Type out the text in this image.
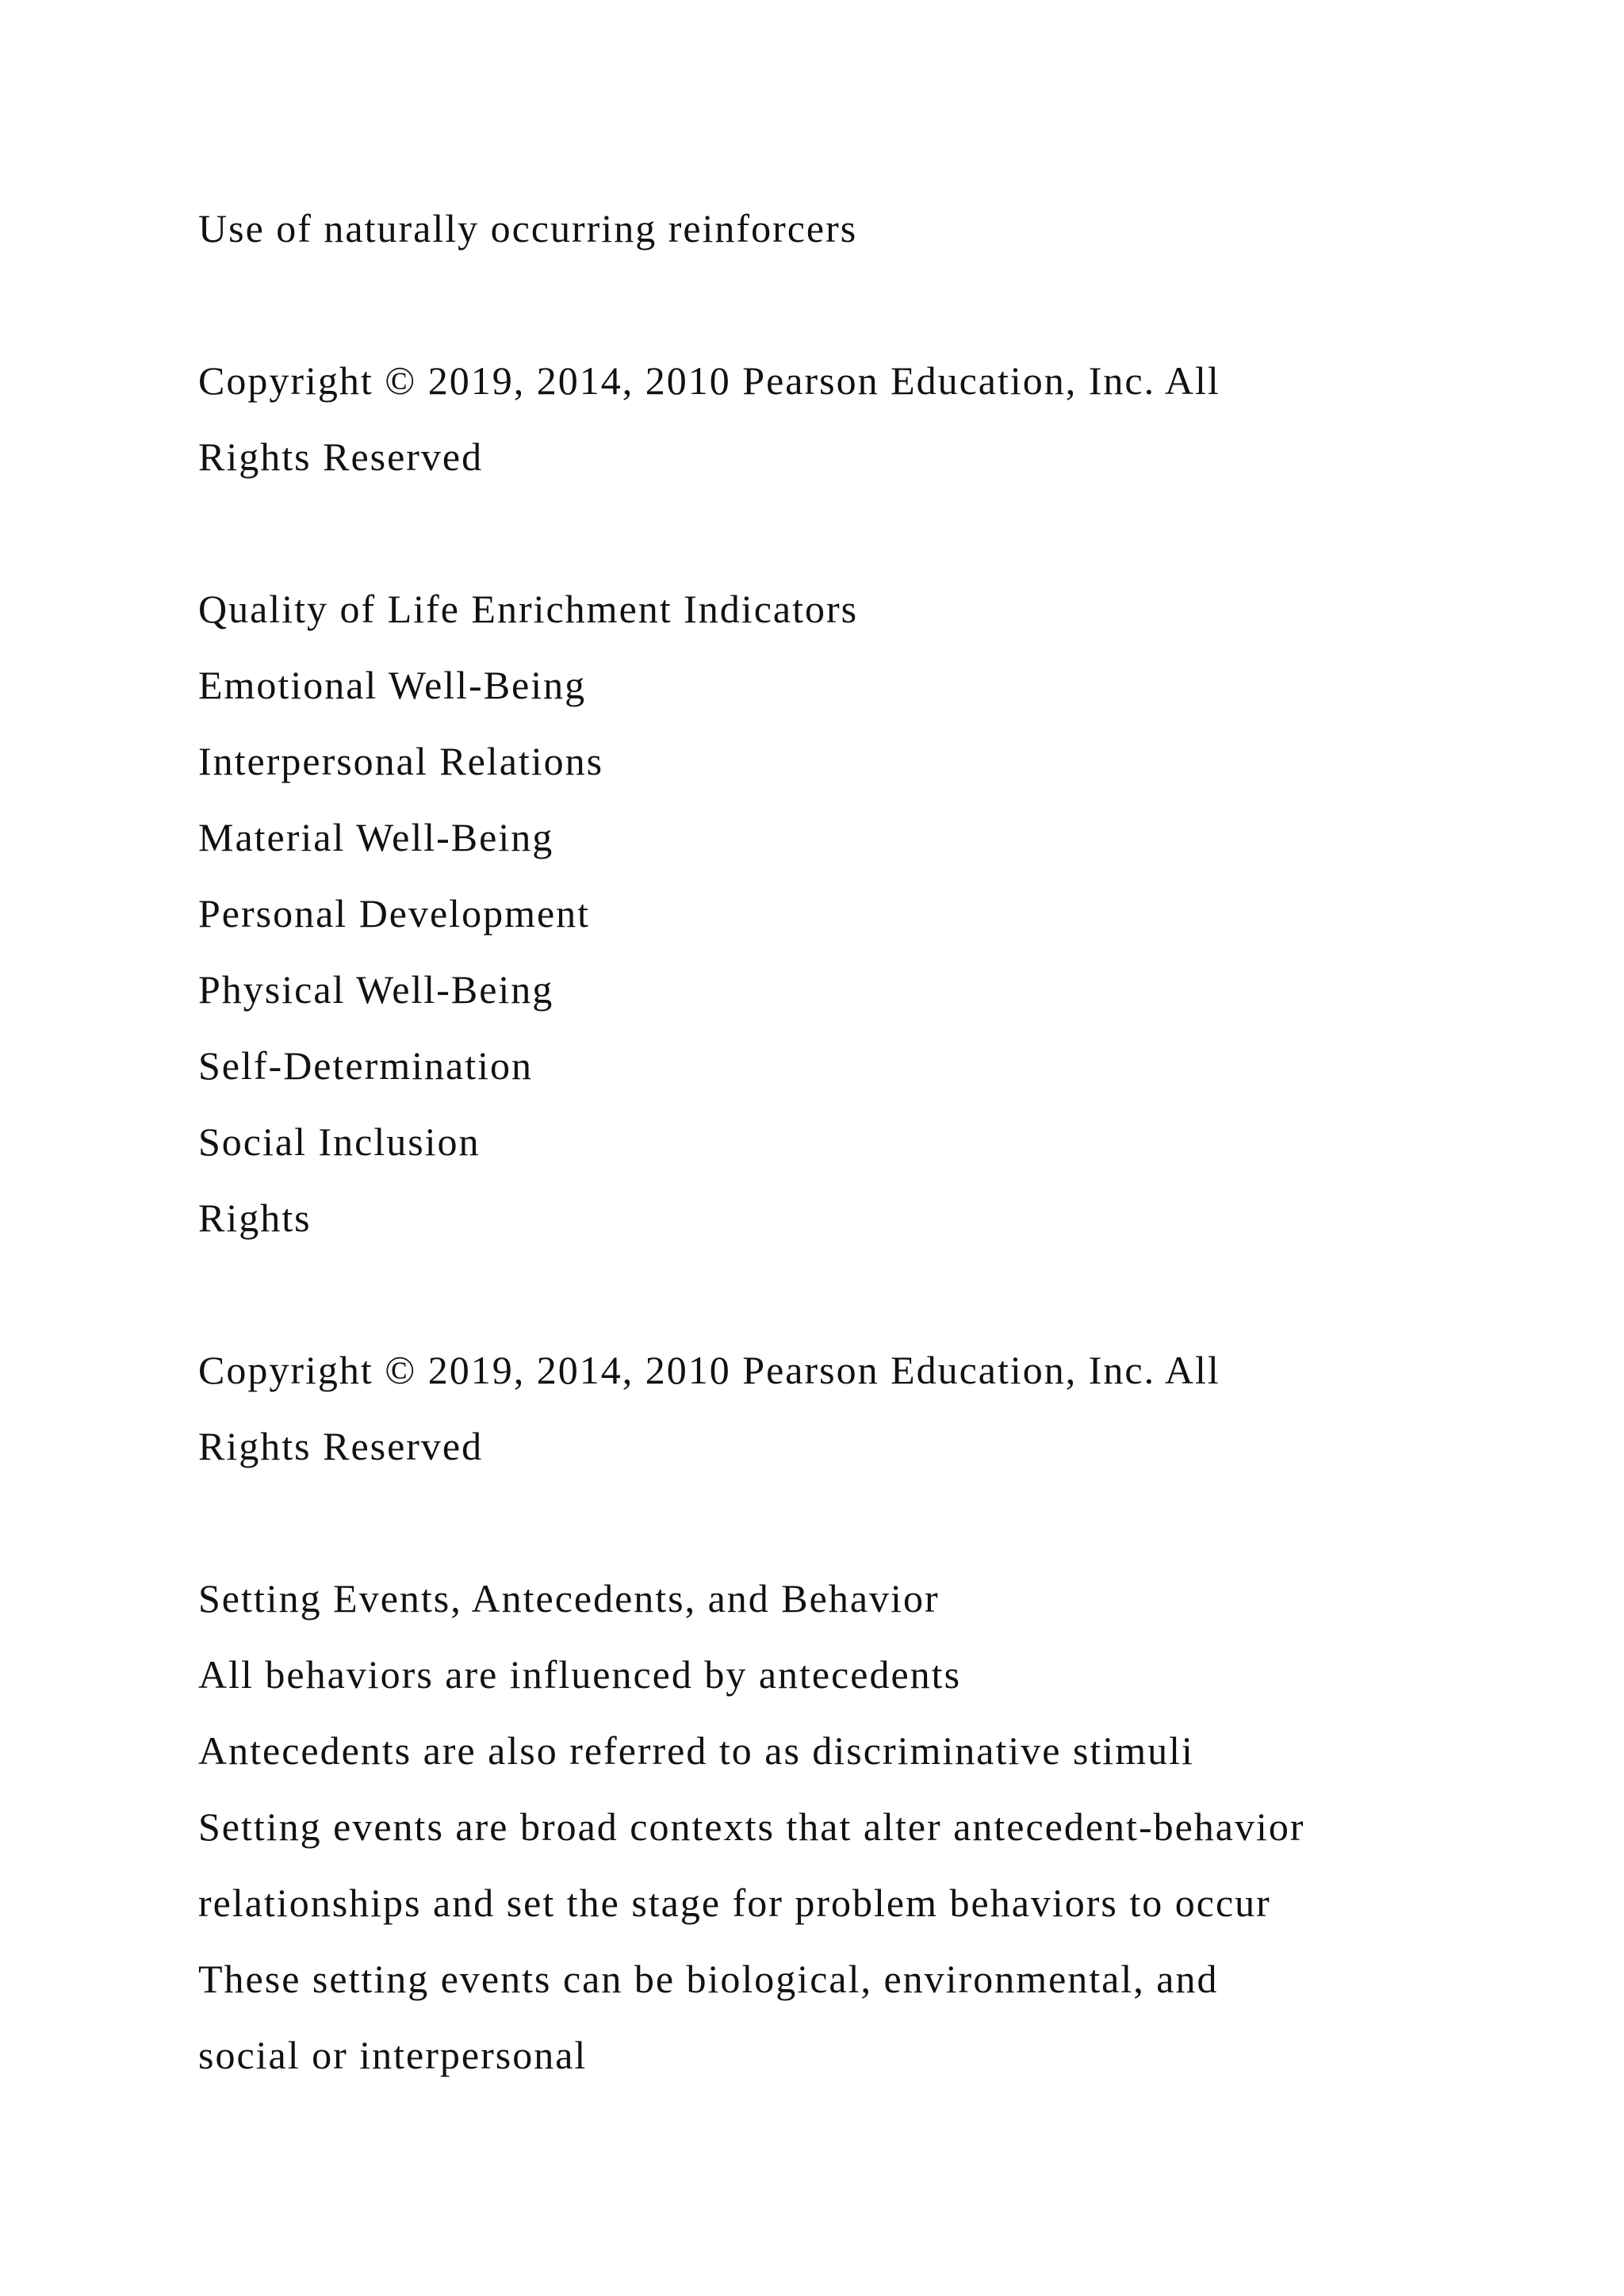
Use of naturally occurring reinforcers
Copyright © 2019, 2014, 2010 Pearson Education, Inc. All
Rights Reserved
Quality of Life Enrichment Indicators
Emotional Well-Being
Interpersonal Relations
Material Well-Being
Personal Development
Physical Well-Being
Self-Determination
Social Inclusion
Rights
Copyright © 2019, 2014, 2010 Pearson Education, Inc. All
Rights Reserved
Setting Events, Antecedents, and Behavior
All behaviors are influenced by antecedents
Antecedents are also referred to as discriminative stimuli
Setting events are broad contexts that alter antecedent-behavior
relationships and set the stage for problem behaviors to occur
These setting events can be biological, environmental, and
social or interpersonal
